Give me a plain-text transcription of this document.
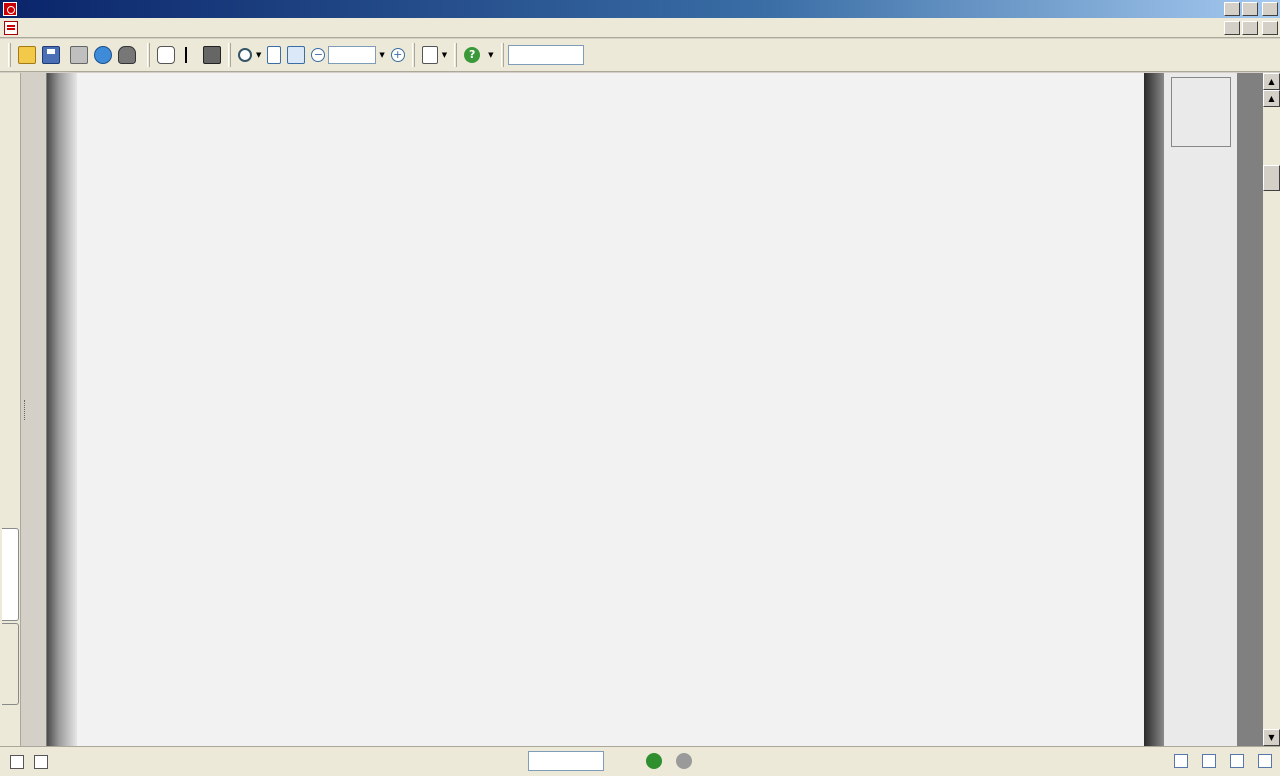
▼	−	▼ +	▼	?	▼
▲
▲
▼
